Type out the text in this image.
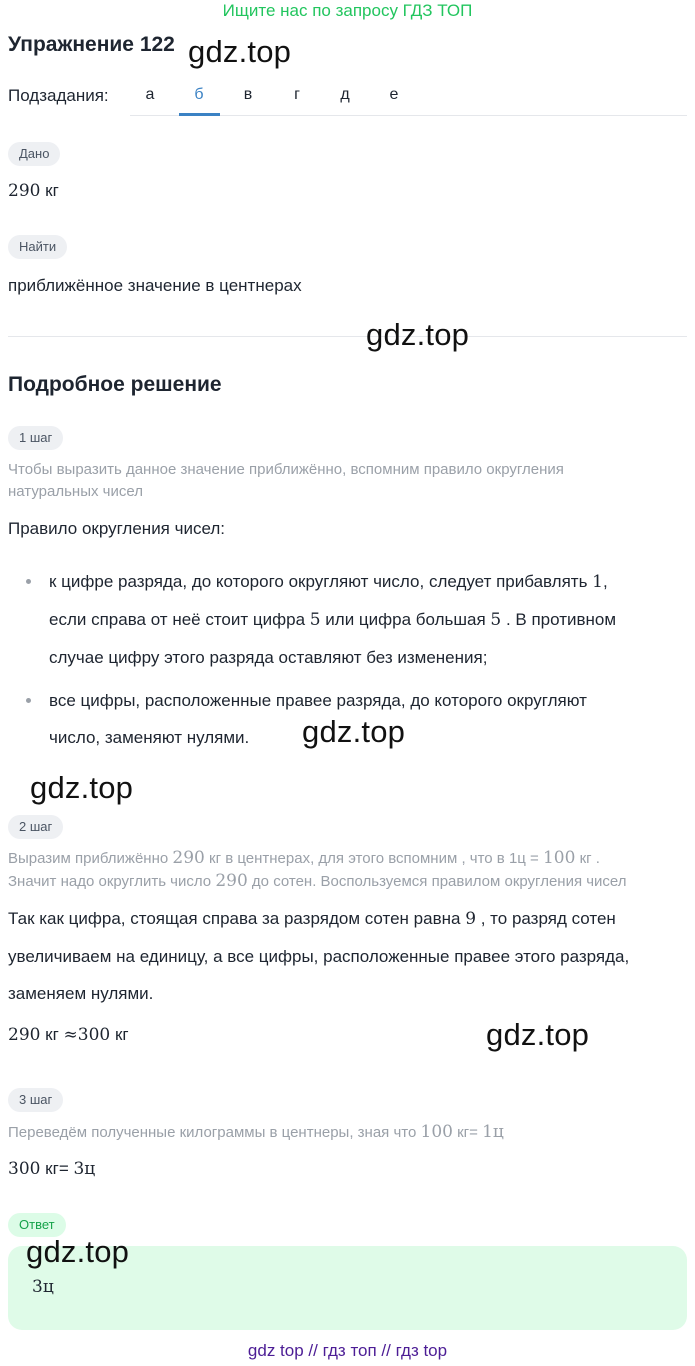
Ищите нас по запросу ГДЗ ТОП
Упражнение 122 gdz.top
Подзадания:	а	б	в	г	д	е
Дано
290 кг
Найти
приближённое значение в центнерах
gdz.top
Подробное решение
1 шаг
Чтобы выразить данное значение приближённо, вспомним правило округления
натуральных чисел
Правило округления чисел:
к цифре разряда, до которого округляют число, следует прибавлять 1,
если справа от неё стоит цифра 5 или цифра большая 5 . В противном
случае цифру этого разряда оставляют без изменения;
все цифры, расположенные правее разряда, до которого округляют
число, заменяют нулями.	gdz.top
gdz.top
2 шаг
Выразим приближённо 290 кг в центнерах, для этого вспомним , что в 1ц = 100 кг .
Значит надо округлить число 290 до сотен. Воспользуемся правилом округления чисел
Так как цифра, стоящая справа за разрядом сотен равна 9 , то разряд сотен
увеличиваем на единицу, а все цифры, расположенные правее этого разряда,
заменяем нулями.
290 кг ≈300 кг	gdz.top
3 шаг
Переведём полученные килограммы в центнеры, зная что 100 кг= 1ц
300 кг= 3ц
Ответ
gdz.top
3ц
gdz top // гдз топ // гдз top
